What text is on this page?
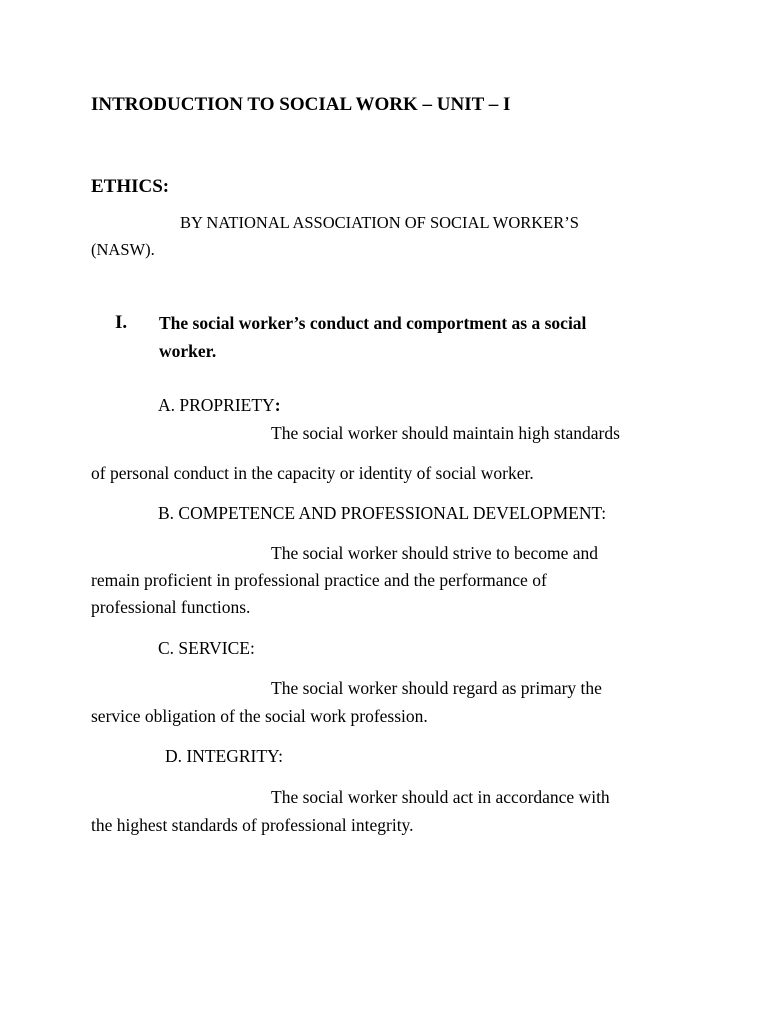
INTRODUCTION TO SOCIAL WORK – UNIT – I
ETHICS:
BY NATIONAL ASSOCIATION OF SOCIAL WORKER’S
(NASW).
I. The social worker’s conduct and comportment as a social
worker.
A. PROPRIETY:
The social worker should maintain high standards
of personal conduct in the capacity or identity of social worker.
B. COMPETENCE AND PROFESSIONAL DEVELOPMENT:
The social worker should strive to become and
remain proficient in professional practice and the performance of
professional functions.
C. SERVICE:
The social worker should regard as primary the
service obligation of the social work profession.
D. INTEGRITY:
The social worker should act in accordance with
the highest standards of professional integrity.
